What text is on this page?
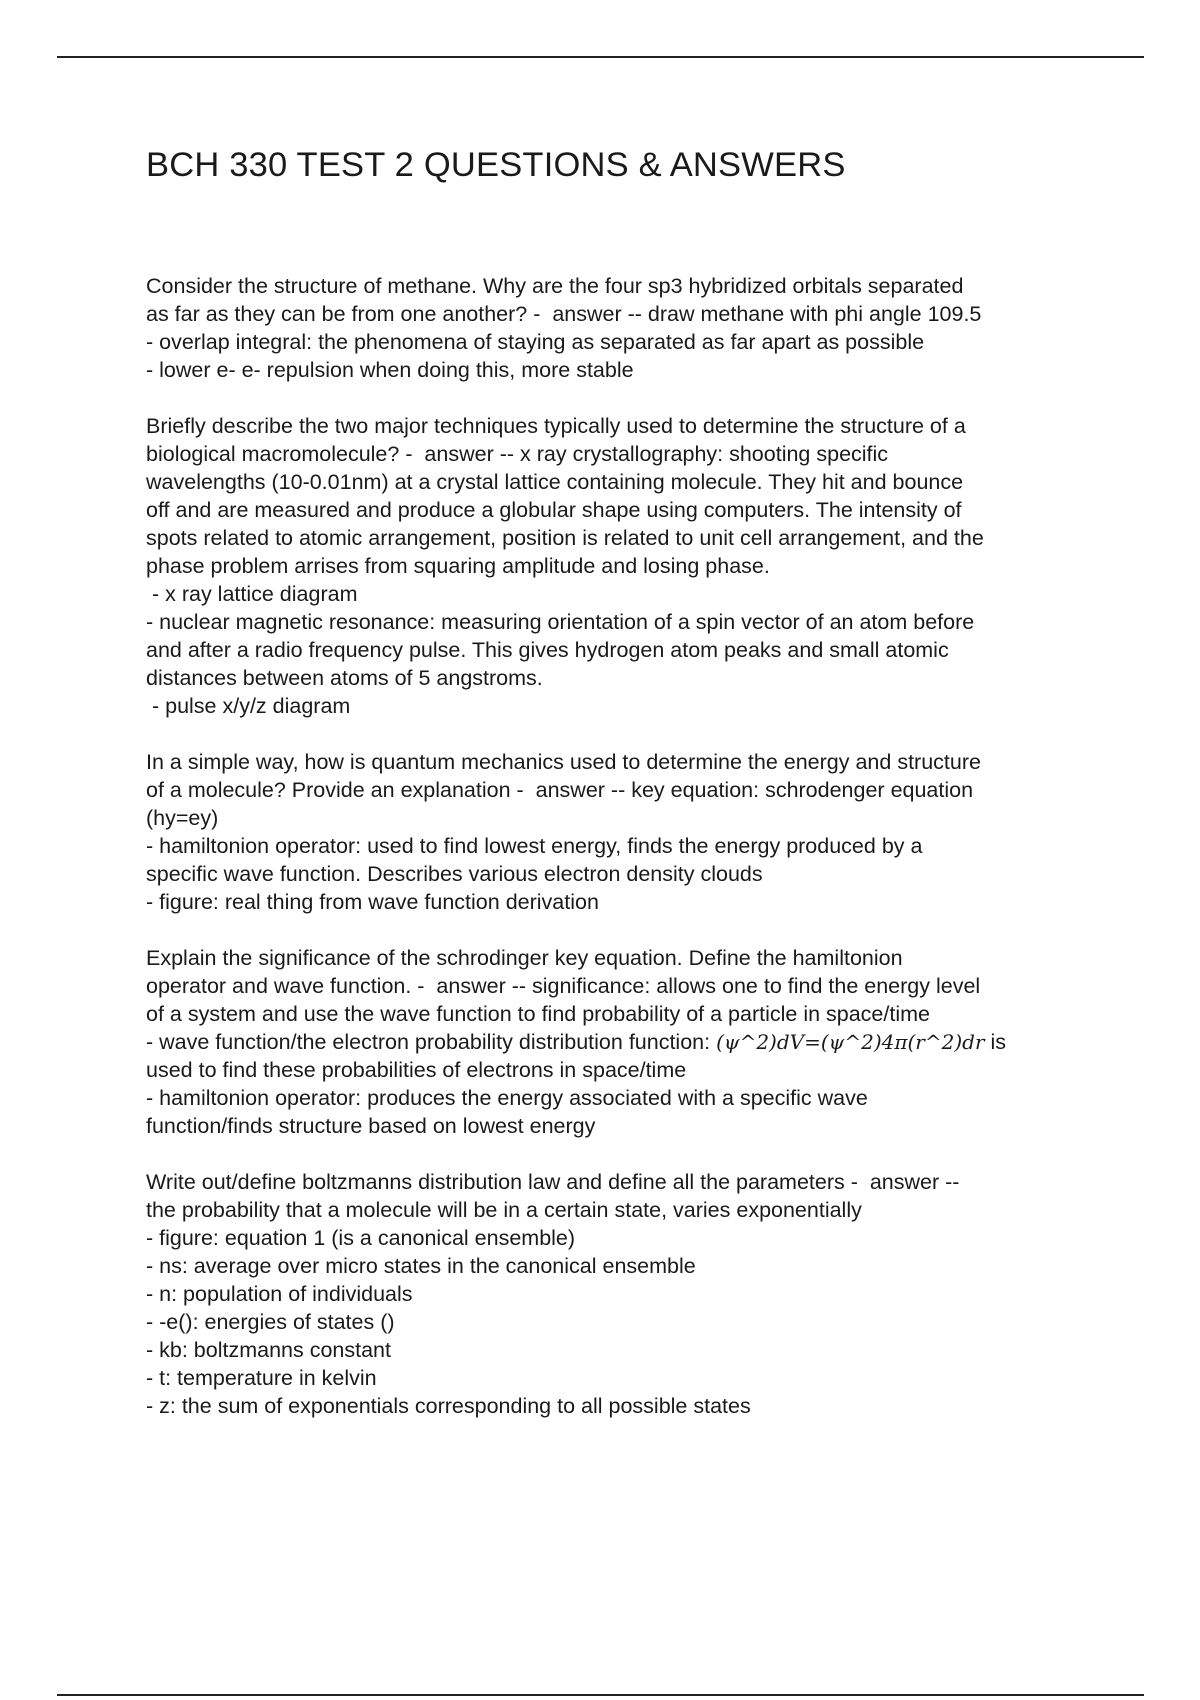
BCH 330 TEST 2 QUESTIONS & ANSWERS
Consider the structure of methane. Why are the four sp3 hybridized orbitals separated
as far as they can be from one another? -  answer -- draw methane with phi angle 109.5
- overlap integral: the phenomena of staying as separated as far apart as possible
- lower e- e- repulsion when doing this, more stable
Briefly describe the two major techniques typically used to determine the structure of a
biological macromolecule? -  answer -- x ray crystallography: shooting specific
wavelengths (10-0.01nm) at a crystal lattice containing molecule. They hit and bounce
off and are measured and produce a globular shape using computers. The intensity of
spots related to atomic arrangement, position is related to unit cell arrangement, and the
phase problem arrises from squaring amplitude and losing phase.
- x ray lattice diagram
- nuclear magnetic resonance: measuring orientation of a spin vector of an atom before
and after a radio frequency pulse. This gives hydrogen atom peaks and small atomic
distances between atoms of 5 angstroms.
- pulse x/y/z diagram
In a simple way, how is quantum mechanics used to determine the energy and structure
of a molecule? Provide an explanation -  answer -- key equation: schrodenger equation
(hy=ey)
- hamiltonion operator: used to find lowest energy, finds the energy produced by a
specific wave function. Describes various electron density clouds
- figure: real thing from wave function derivation
Explain the significance of the schrodinger key equation. Define the hamiltonion
operator and wave function. -  answer -- significance: allows one to find the energy level
of a system and use the wave function to find probability of a particle in space/time
- wave function/the electron probability distribution function: (ψ^2)dV=(ψ^2)4π(r^2)dr is
used to find these probabilities of electrons in space/time
- hamiltonion operator: produces the energy associated with a specific wave
function/finds structure based on lowest energy
Write out/define boltzmanns distribution law and define all the parameters -  answer --
the probability that a molecule will be in a certain state, varies exponentially
- figure: equation 1 (is a canonical ensemble)
- ns: average over micro states in the canonical ensemble
- n: population of individuals
- -e(): energies of states ()
- kb: boltzmanns constant
- t: temperature in kelvin
- z: the sum of exponentials corresponding to all possible states
